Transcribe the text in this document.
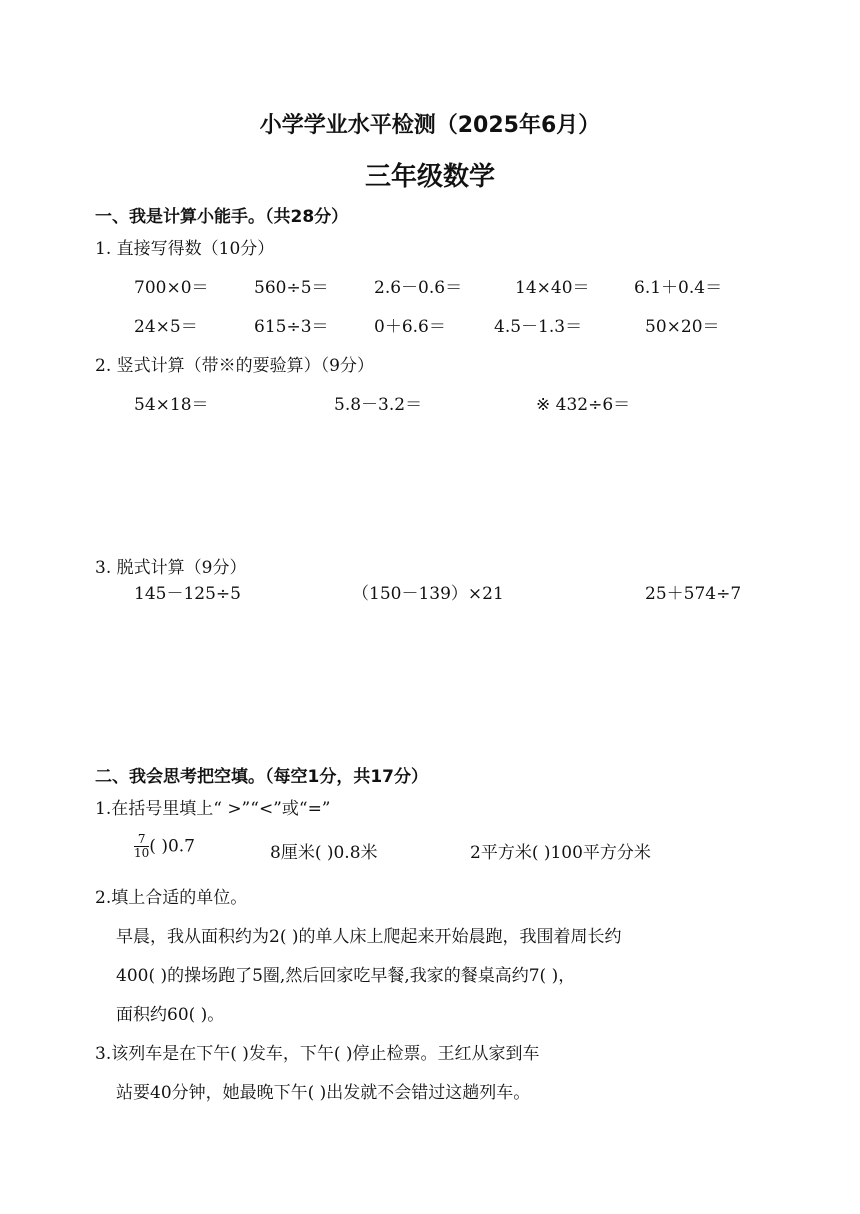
小学学业水平检测（2025年6月）
三年级数学
一、我是计算小能手。（共28分）
1. 直接写得数（10分）
700×0＝	560÷5＝	2.6－0.6＝	14×40＝	6.1＋0.4＝
24×5＝	615÷3＝	0＋6.6＝	4.5－1.3＝	50×20＝
2. 竖式计算（带※的要验算）（9分）
54×18＝	5.8－3.2＝	※ 432÷6＝
3. 脱式计算（9分）
145－125÷5	（150－139）×21	25＋574÷7
二、我会思考把空填。（每空1分，共17分）
1.在括号里填上“ >”“<”或“=”
$\frac{7}{10}$ ( )0.7	8厘米( )0.8米	2平方米( )100平方分米
2.填上合适的单位。
早晨，我从面积约为2( )的单人床上爬起来开始晨跑，我围着周长约
400( )的操场跑了5圈,然后回家吃早餐,我家的餐桌高约7( )，
面积约60( )。
3.该列车是在下午( )发车，下午( )停止检票。王红从家到车
站要40分钟，她最晚下午( )出发就不会错过这趟列车。
